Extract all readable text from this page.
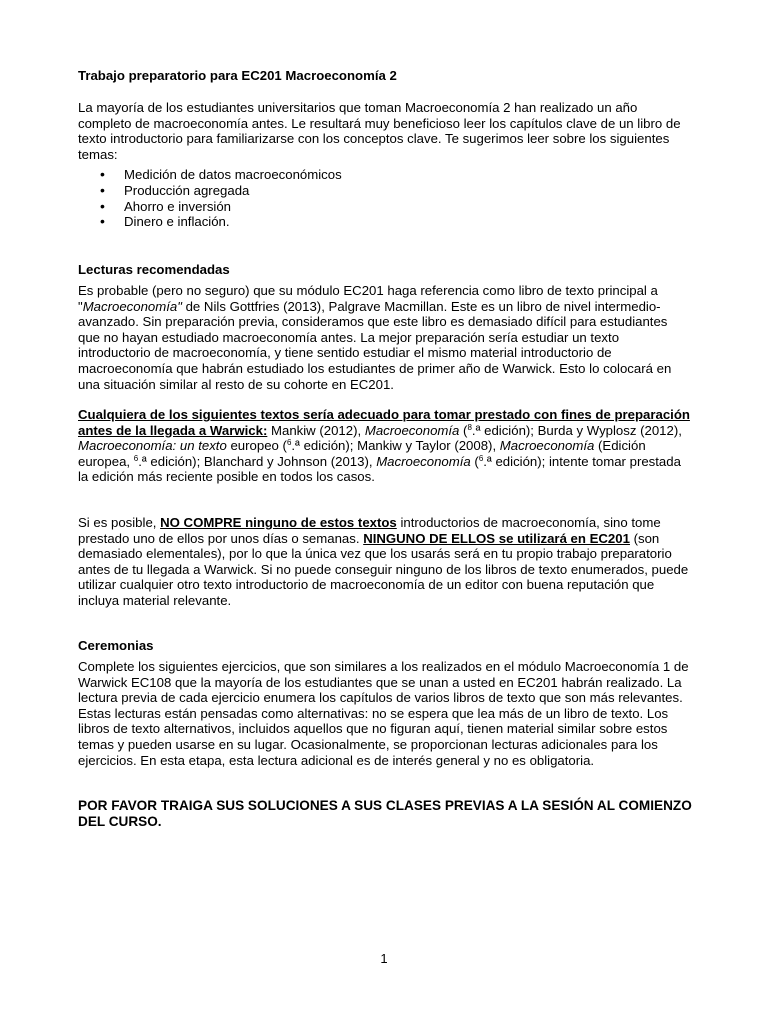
Trabajo preparatorio para EC201 Macroeconomía 2

La mayoría de los estudiantes universitarios que toman Macroeconomía 2 han realizado un año completo de macroeconomía antes. Le resultará muy beneficioso leer los capítulos clave de un libro de texto introductorio para familiarizarse con los conceptos clave. Te sugerimos leer sobre los siguientes temas:

• Medición de datos macroeconómicos
• Producción agregada
• Ahorro e inversión
• Dinero e inflación.

Lecturas recomendadas

Es probable (pero no seguro) que su módulo EC201 haga referencia como libro de texto principal a "Macroeconomía" de Nils Gottfries (2013), Palgrave Macmillan. Este es un libro de nivel intermedio-avanzado. Sin preparación previa, consideramos que este libro es demasiado difícil para estudiantes que no hayan estudiado macroeconomía antes. La mejor preparación sería estudiar un texto introductorio de macroeconomía, y tiene sentido estudiar el mismo material introductorio de macroeconomía que habrán estudiado los estudiantes de primer año de Warwick. Esto lo colocará en una situación similar al resto de su cohorte en EC201.

Cualquiera de los siguientes textos sería adecuado para tomar prestado con fines de preparación antes de la llegada a Warwick: Mankiw (2012), Macroeconomía ($^8$.ª edición); Burda y Wyplosz (2012), Macroeconomía: un texto europeo ($^6$.ª edición); Mankiw y Taylor (2008), Macroeconomía (Edición europea, $^6$.ª edición); Blanchard y Johnson (2013), Macroeconomía ($^6$.ª edición); intente tomar prestada la edición más reciente posible en todos los casos.

Si es posible, NO COMPRE ninguno de estos textos introductorios de macroeconomía, sino tome prestado uno de ellos por unos días o semanas. NINGUNO DE ELLOS se utilizará en EC201 (son demasiado elementales), por lo que la única vez que los usarás será en tu propio trabajo preparatorio antes de tu llegada a Warwick. Si no puede conseguir ninguno de los libros de texto enumerados, puede utilizar cualquier otro texto introductorio de macroeconomía de un editor con buena reputación que incluya material relevante.

Ceremonias

Complete los siguientes ejercicios, que son similares a los realizados en el módulo Macroeconomía 1 de Warwick EC108 que la mayoría de los estudiantes que se unan a usted en EC201 habrán realizado. La lectura previa de cada ejercicio enumera los capítulos de varios libros de texto que son más relevantes. Estas lecturas están pensadas como alternativas: no se espera que lea más de un libro de texto. Los libros de texto alternativos, incluidos aquellos que no figuran aquí, tienen material similar sobre estos temas y pueden usarse en su lugar. Ocasionalmente, se proporcionan lecturas adicionales para los ejercicios. En esta etapa, esta lectura adicional es de interés general y no es obligatoria.

POR FAVOR TRAIGA SUS SOLUCIONES A SUS CLASES PREVIAS A LA SESIÓN AL COMIENZO DEL CURSO.

1
